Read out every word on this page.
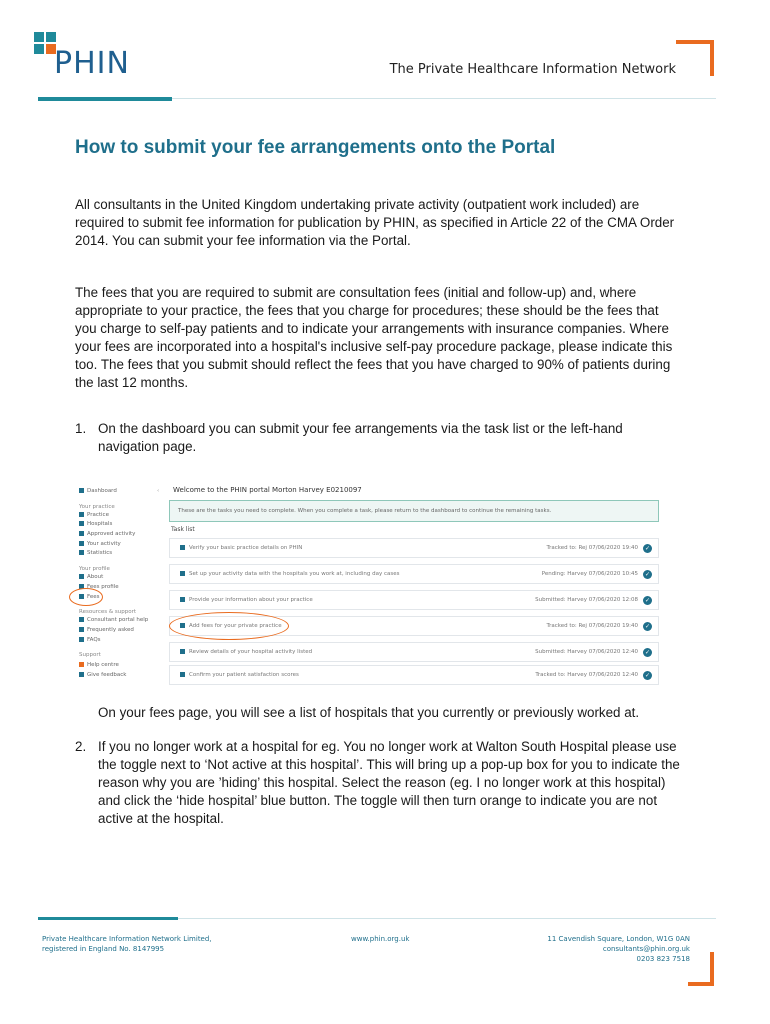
PHIN	The Private Healthcare Information Network
How to submit your fee arrangements onto the Portal

All consultants in the United Kingdom undertaking private activity (outpatient work included) are required to submit fee information for publication by PHIN, as specified in Article 22 of the CMA Order 2014. You can submit your fee information via the Portal.

The fees that you are required to submit are consultation fees (initial and follow-up) and, where appropriate to your practice, the fees that you charge for procedures; these should be the fees that you charge to self-pay patients and to indicate your arrangements with insurance companies. Where your fees are incorporated into a hospital's inclusive self-pay procedure package, please indicate this too. The fees that you submit should reflect the fees that you have charged to 90% of patients during the last 12 months.

1. On the dashboard you can submit your fee arrangements via the task list or the left-hand navigation page.
Dashboard
Your practice
Practice
Hospitals
Approved activity
Your activity
Statistics
Your profile
About
Fees profile
Fees
Resources & support
Consultant portal help
Frequently asked
FAQs
Support
Help centre
Give feedback
‹ Welcome to the PHIN portal Morton Harvey E0210097
These are the tasks you need to complete. When you complete a task, please return to the dashboard to continue the remaining tasks.
Task list
Verify your basic practice details on PHIN	Tracked to: Rej 07/06/2020 19:40	✓
Set up your activity data with the hospitals you work at, including day cases	Pending: Harvey 07/06/2020 10:45	✓
Provide your information about your practice	Submitted: Harvey 07/06/2020 12:08	✓
Add fees for your private practice	Tracked to: Rej 07/06/2020 19:40	✓
Review details of your hospital activity listed	Submitted: Harvey 07/06/2020 12:40	✓
Confirm your patient satisfaction scores	Tracked to: Harvey 07/06/2020 12:40	✓

On your fees page, you will see a list of hospitals that you currently or previously worked at.

2. If you no longer work at a hospital for eg. You no longer work at Walton South Hospital please use the toggle next to ‘Not active at this hospital’. This will bring up a pop-up box for you to indicate the reason why you are ’hiding’ this hospital. Select the reason (eg. I no longer work at this hospital) and click the ‘hide hospital’ blue button. The toggle will then turn orange to indicate you are not active at the hospital.
Private Healthcare Information Network Limited,
registered in England No. 8147995
www.phin.org.uk	11 Cavendish Square, London, W1G 0AN
consultants@phin.org.uk
0203 823 7518
